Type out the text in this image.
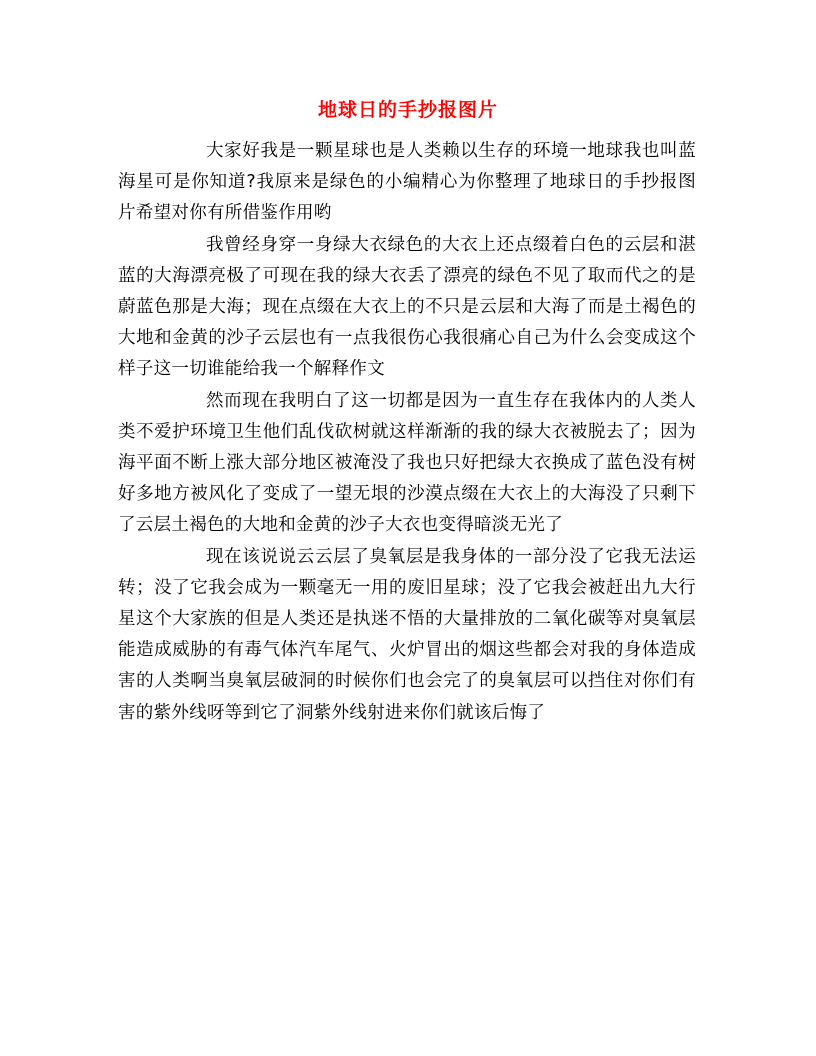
地球日的手抄报图片

大家好我是一颗星球也是人类赖以生存的环境一地球我也叫蓝海星可是你知道?我原来是绿色的小编精心为你整理了地球日的手抄报图片希望对你有所借鉴作用哟

我曾经身穿一身绿大衣绿色的大衣上还点缀着白色的云层和湛蓝的大海漂亮极了可现在我的绿大衣丢了漂亮的绿色不见了取而代之的是蔚蓝色那是大海；现在点缀在大衣上的不只是云层和大海了而是土褐色的大地和金黄的沙子云层也有一点我很伤心我很痛心自己为什么会变成这个样子这一切谁能给我一个解释作文

然而现在我明白了这一切都是因为一直生存在我体内的人类人类不爱护环境卫生他们乱伐砍树就这样渐渐的我的绿大衣被脱去了；因为海平面不断上涨大部分地区被淹没了我也只好把绿大衣换成了蓝色没有树好多地方被风化了变成了一望无垠的沙漠点缀在大衣上的大海没了只剩下了云层土褐色的大地和金黄的沙子大衣也变得暗淡无光了

现在该说说云云层了臭氧层是我身体的一部分没了它我无法运转；没了它我会成为一颗毫无一用的废旧星球；没了它我会被赶出九大行星这个大家族的但是人类还是执迷不悟的大量排放的二氧化碳等对臭氧层能造成威胁的有毒气体汽车尾气、火炉冒出的烟这些都会对我的身体造成害的人类啊当臭氧层破洞的时候你们也会完了的臭氧层可以挡住对你们有害的紫外线呀等到它了洞紫外线射进来你们就该后悔了
